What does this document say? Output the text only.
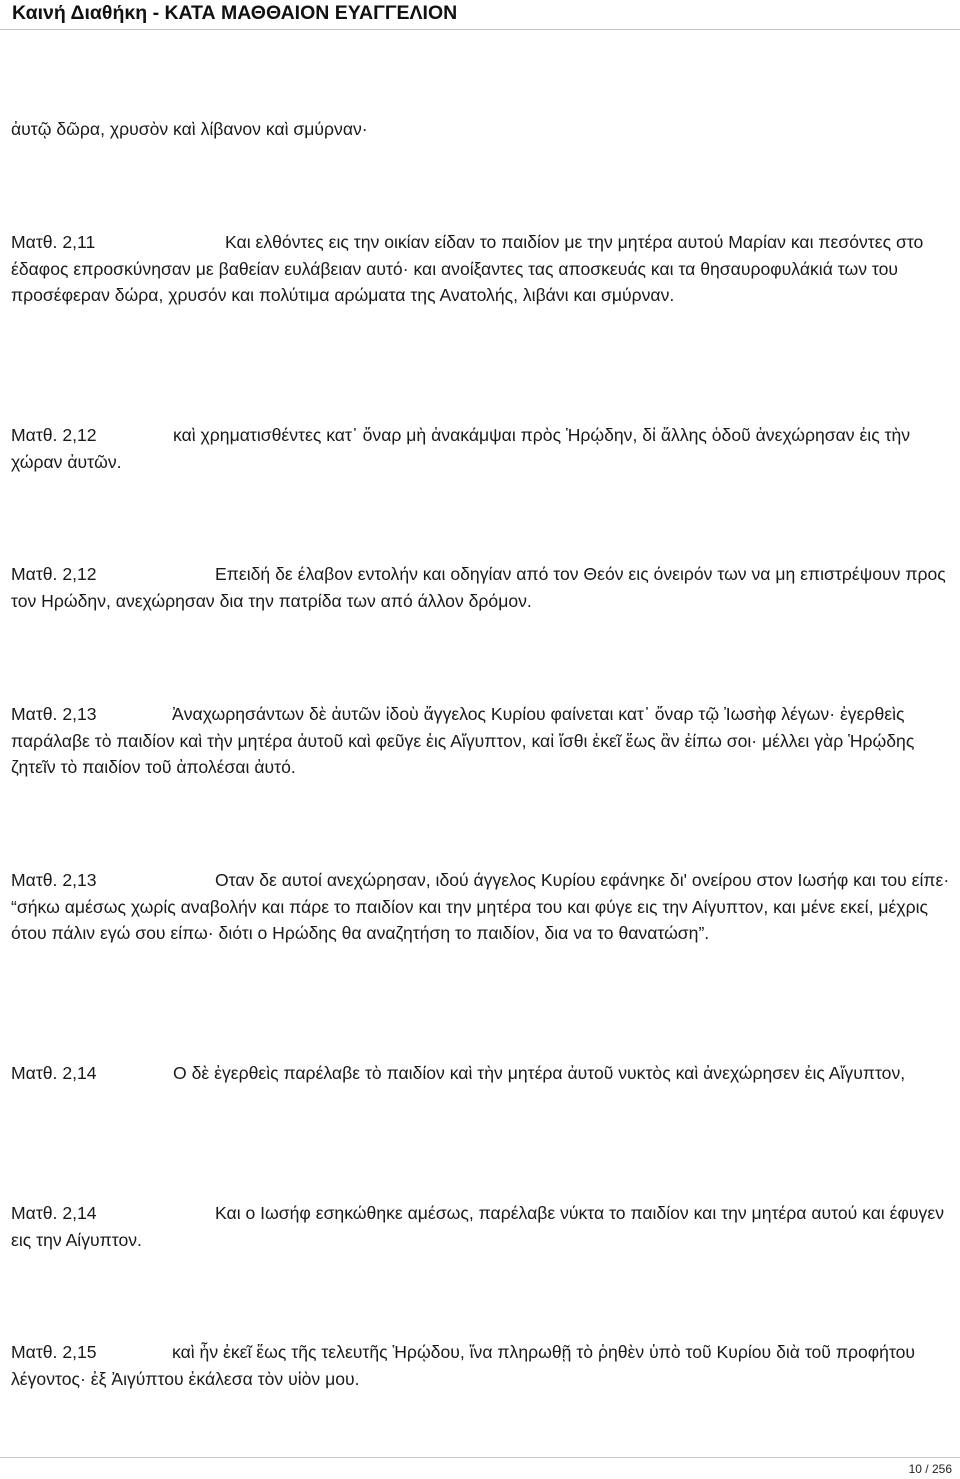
Καινή Διαθήκη - ΚΑΤΑ ΜΑΘΘΑΙΟΝ ΕΥΑΓΓΕΛΙΟΝ

ἀυτῷ δῶρα, χρυσὸν καὶ λίβανον καὶ σμύρναν·

Ματθ. 2,11	Και ελθόντες εις την οικίαν είδαν το παιδίον με την μητέρα αυτού Μαρίαν και πεσόντες στο έδαφος επροσκύνησαν με βαθείαν ευλάβειαν αυτό· και ανοίξαντες τας αποσκευάς και τα θησαυροφυλάκιά των του προσέφεραν δώρα, χρυσόν και πολύτιμα αρώματα της Ανατολής, λιβάνι και σμύρναν.

Ματθ. 2,12	καὶ χρηματισθέντες κατ᾽ ὄναρ μὴ ἀνακάμψαι πρὸς Ἡρῴδην, δἰ ἄλλης ὁδοῦ ἀνεχώρησαν ἐις τὴν χώραν ἀυτῶν.

Ματθ. 2,12	Επειδή δε έλαβον εντολήν και οδηγίαν από τον Θεόν εις όνειρόν των να μη επιστρέψουν προς τον Ηρώδην, ανεχώρησαν δια την πατρίδα των από άλλον δρόμον.

Ματθ. 2,13	Ἀναχωρησάντων δὲ ἀυτῶν ἰδοὺ ἄγγελος Κυρίου φαίνεται κατ᾽ ὄναρ τῷ Ἰωσὴφ λέγων· ἐγερθεὶς παράλαβε τὸ παιδίον καὶ τὴν μητέρα ἀυτοῦ καὶ φεῦγε ἐις Αἴγυπτον, καἰ ἴσθι ἐκεῖ ἕως ἂν ἐίπω σοι· μέλλει γὰρ Ἡρῴδης ζητεῖν τὸ παιδίον τοῦ ἀπολέσαι ἀυτό.

Ματθ. 2,13	Οταν δε αυτοί ανεχώρησαν, ιδού άγγελος Κυρίου εφάνηκε δι' ονείρου στον Ιωσήφ και του είπε· “σήκω αμέσως χωρίς αναβολήν και πάρε το παιδίον και την μητέρα του και φύγε εις την Αίγυπτον, και μένε εκεί, μέχρις ότου πάλιν εγώ σου είπω· διότι ο Ηρώδης θα αναζητήση το παιδίον, δια να το θανατώση”.

Ματθ. 2,14	Ο δὲ ἐγερθεὶς παρέλαβε τὸ παιδίον καὶ τὴν μητέρα ἀυτοῦ νυκτὸς καὶ ἀνεχώρησεν ἐις Αἴγυπτον,

Ματθ. 2,14	Και ο Ιωσήφ εσηκώθηκε αμέσως, παρέλαβε νύκτα το παιδίον και την μητέρα αυτού και έφυγεν εις την Αίγυπτον.

Ματθ. 2,15	καὶ ἦν ἐκεῖ ἕως τῆς τελευτῆς Ἡρῴδου, ἵνα πληρωθῇ τὸ ῥηθὲν ὑπὸ τοῦ Κυρίου διὰ τοῦ προφήτου λέγοντος· ἐξ Ἀιγύπτου ἐκάλεσα τὸν υἱὸν μου.

10 / 256
